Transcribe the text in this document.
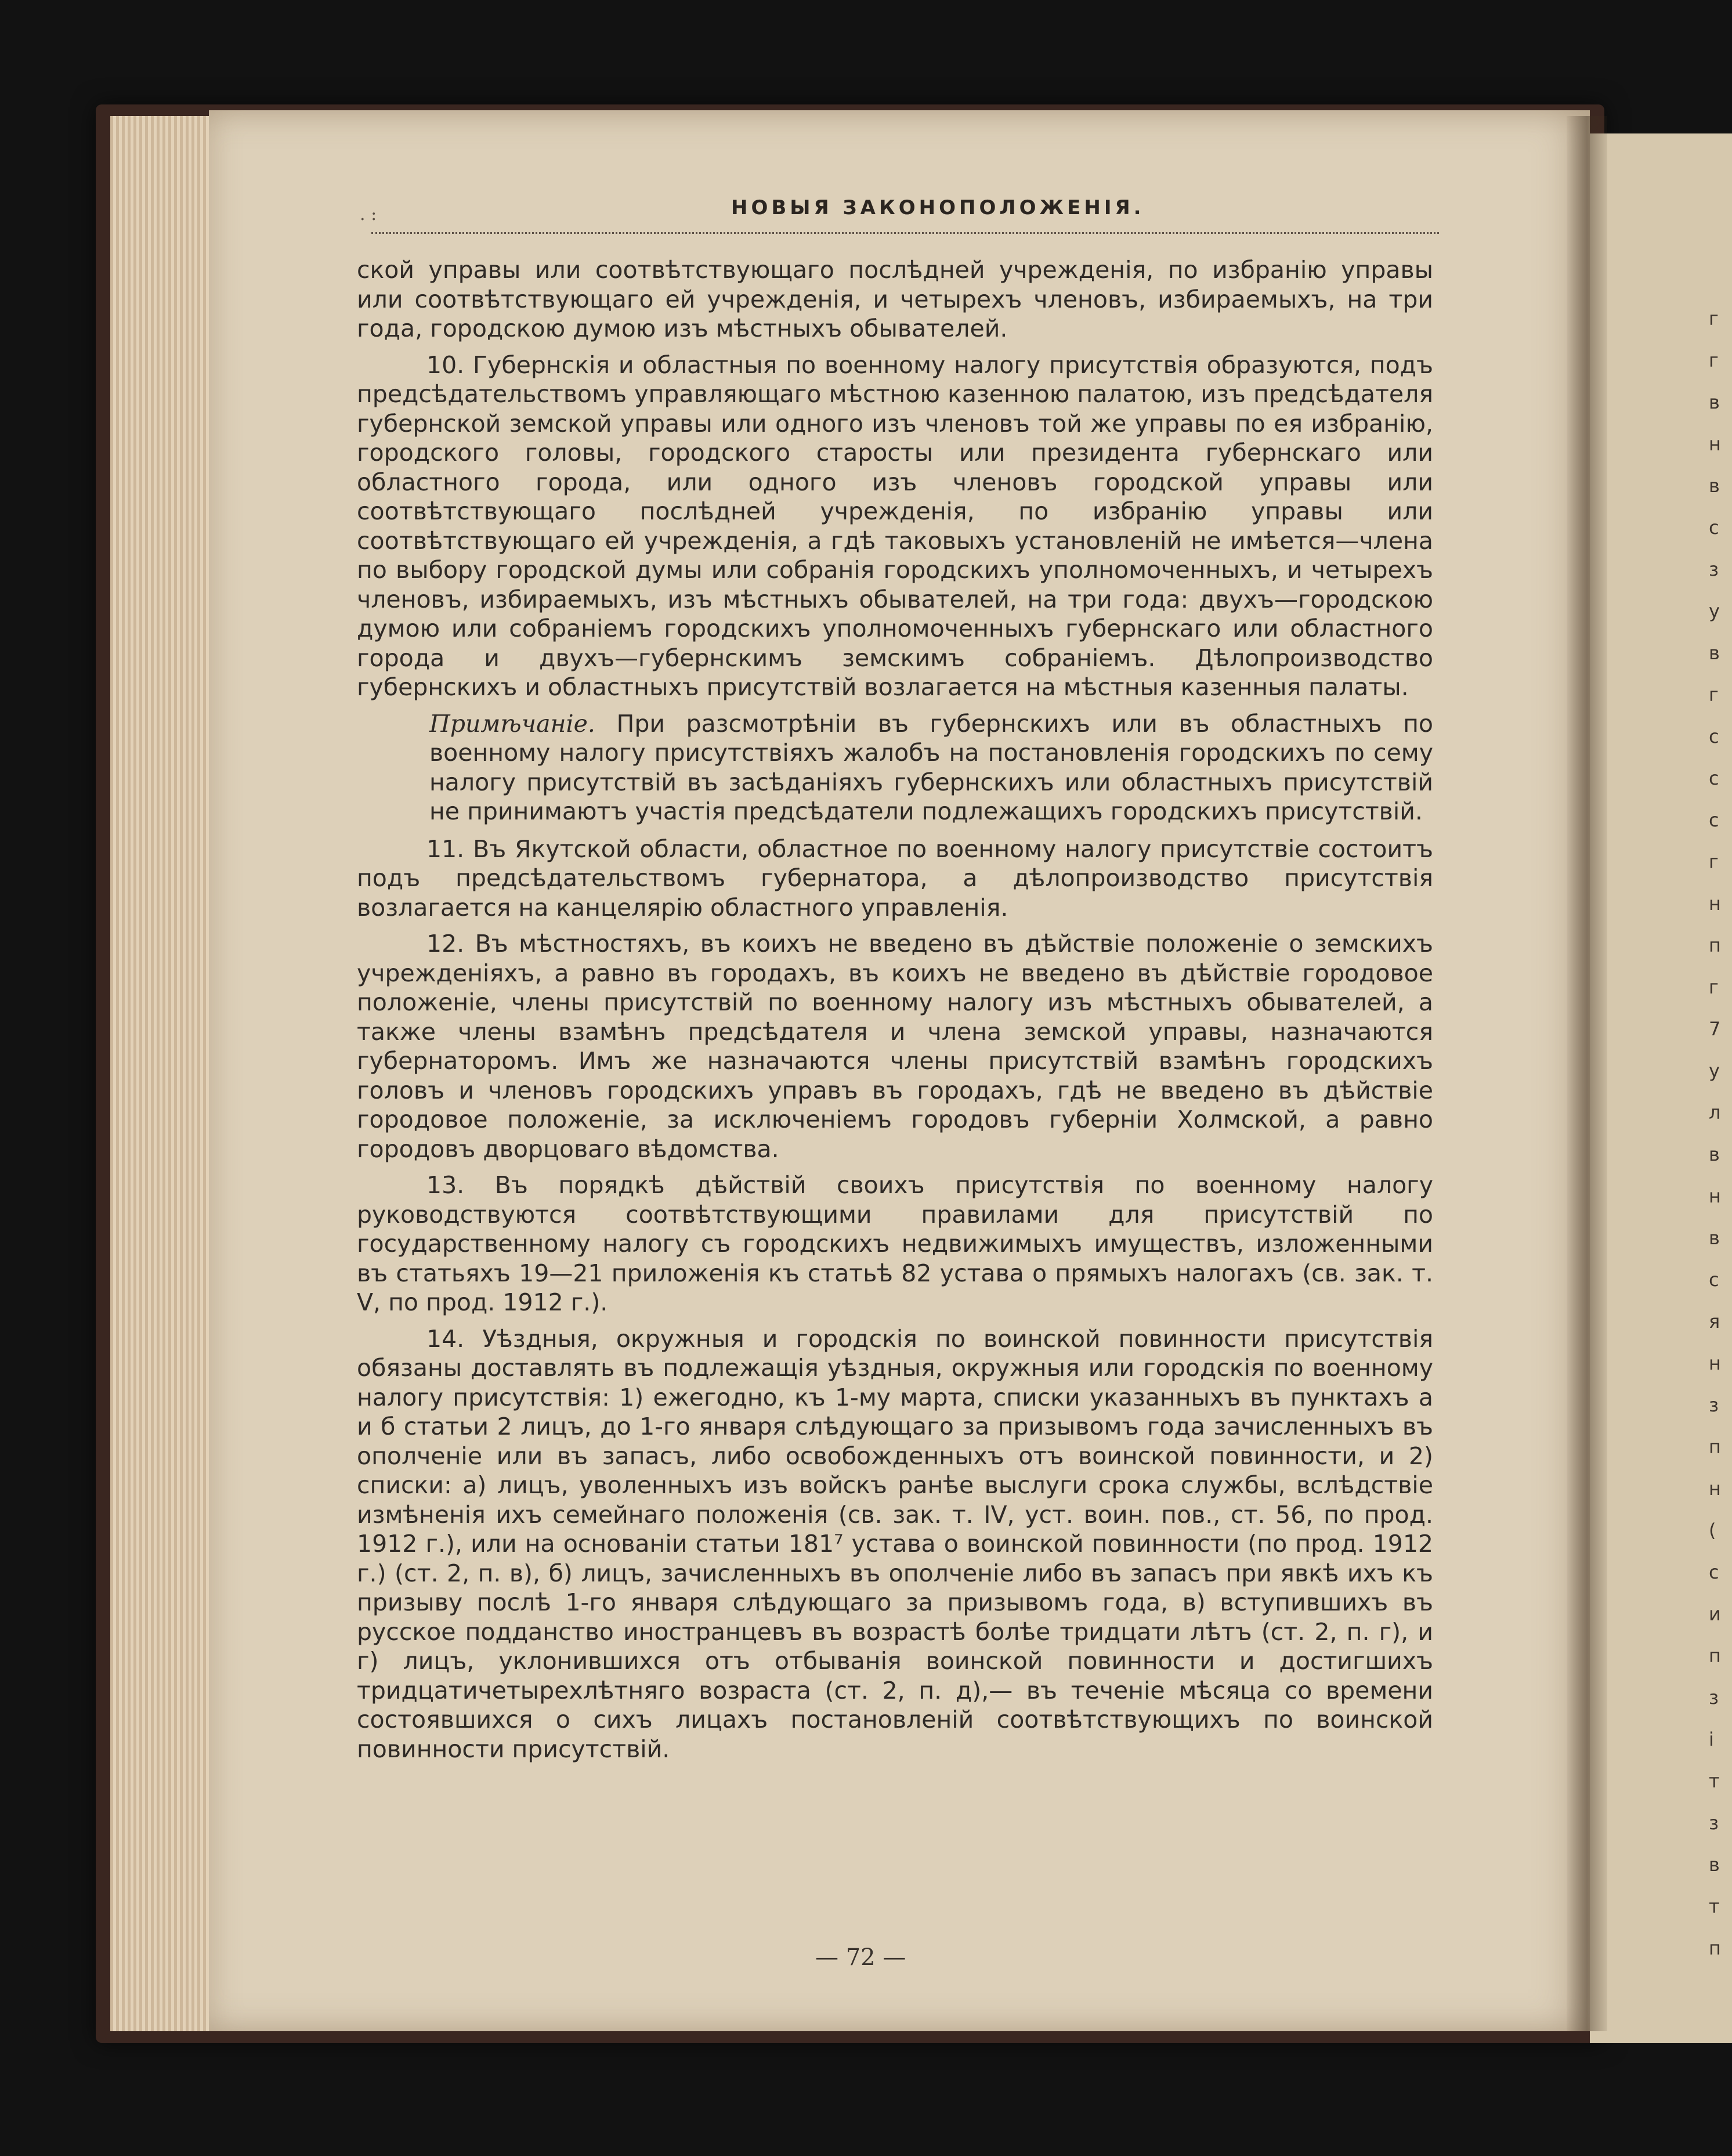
. :	НОВЫЯ ЗАКОНОПОЛОЖЕНІЯ.

ской управы или соотвѣтствующаго послѣдней учрежденія, по избранію управы или соотвѣтствующаго ей учрежденія, и четырехъ членовъ, избираемыхъ, на три года, городскою думою изъ мѣстныхъ обывателей.

10. Губернскія и областныя по военному налогу присутствія образуются, подъ предсѣдательствомъ управляющаго мѣстною казенною палатою, изъ предсѣдателя губернской земской управы или одного изъ членовъ той же управы по ея избранію, городского головы, городского старосты или президента губернскаго или областного города, или одного изъ членовъ городской управы или соотвѣтствующаго послѣдней учрежденія, по избранію управы или соотвѣтствующаго ей учрежденія, а гдѣ таковыхъ установленій не имѣется—члена по выбору городской думы или собранія городскихъ уполномоченныхъ, и четырехъ членовъ, избираемыхъ, изъ мѣстныхъ обывателей, на три года: двухъ—городскою думою или собраніемъ городскихъ уполномоченныхъ губернскаго или областного города и двухъ—губернскимъ земскимъ собраніемъ. Дѣлопроизводство губернскихъ и областныхъ присутствій возлагается на мѣстныя казенныя палаты.

Примѣчаніе. При разсмотрѣніи въ губернскихъ или въ областныхъ по военному налогу присутствіяхъ жалобъ на постановленія городскихъ по сему налогу присутствій въ засѣданіяхъ губернскихъ или областныхъ присутствій не принимаютъ участія предсѣдатели подлежащихъ городскихъ присутствій.

11. Въ Якутской области, областное по военному налогу присутствіе состоитъ подъ предсѣдательствомъ губернатора, а дѣлопроизводство присутствія возлагается на канцелярію областного управленія.

12. Въ мѣстностяхъ, въ коихъ не введено въ дѣйствіе положеніе о земскихъ учрежденіяхъ, а равно въ городахъ, въ коихъ не введено въ дѣйствіе городовое положеніе, члены присутствій по военному налогу изъ мѣстныхъ обывателей, а также члены взамѣнъ предсѣдателя и члена земской управы, назначаются губернаторомъ. Имъ же назначаются члены присутствій взамѣнъ городскихъ головъ и членовъ городскихъ управъ въ городахъ, гдѣ не введено въ дѣйствіе городовое положеніе, за исключеніемъ городовъ губерніи Холмской, а равно городовъ дворцоваго вѣдомства.

13. Въ порядкѣ дѣйствій своихъ присутствія по военному налогу руководствуются соотвѣтствующими правилами для присутствій по государственному налогу съ городскихъ недвижимыхъ имуществъ, изложенными въ статьяхъ 19—21 приложенія къ статьѣ 82 устава о прямыхъ налогахъ (св. зак. т. V, по прод. 1912 г.).

14. Уѣздныя, окружныя и городскія по воинской повинности присутствія обязаны доставлять въ подлежащія уѣздныя, окружныя или городскія по военному налогу присутствія: 1) ежегодно, къ 1-му марта, списки указанныхъ въ пунктахъ а и б статьи 2 лицъ, до 1-го января слѣдующаго за призывомъ года зачисленныхъ въ ополченіе или въ запасъ, либо освобожденныхъ отъ воинской повинности, и 2) списки: а) лицъ, уволенныхъ изъ войскъ ранѣе выслуги срока службы, вслѣдствіе измѣненія ихъ семейнаго положенія (св. зак. т. IV, уст. воин. пов., ст. 56, по прод. 1912 г.), или на основаніи статьи 181⁷ устава о воинской повинности (по прод. 1912 г.) (ст. 2, п. в), б) лицъ, зачисленныхъ въ ополченіе либо въ запасъ при явкѣ ихъ къ призыву послѣ 1-го января слѣдующаго за призывомъ года, в) вступившихъ въ русское подданство иностранцевъ въ возрастѣ болѣе тридцати лѣтъ (ст. 2, п. г), и г) лицъ, уклонившихся отъ отбыванія воинской повинности и достигшихъ тридцатичетырехлѣтняго возраста (ст. 2, п. д),— въ теченіе мѣсяца со времени состоявшихся о сихъ лицахъ постановленій соотвѣтствующихъ по воинской повинности присутствій.

— 72 —
г
г
в
н
в
с
з
у
в
г
с
с
с
г
н
п
г
7
у
л
в
н
в
с
я
н
з
п
н
(
с
и
п
з
і
т
з
в
т
п
